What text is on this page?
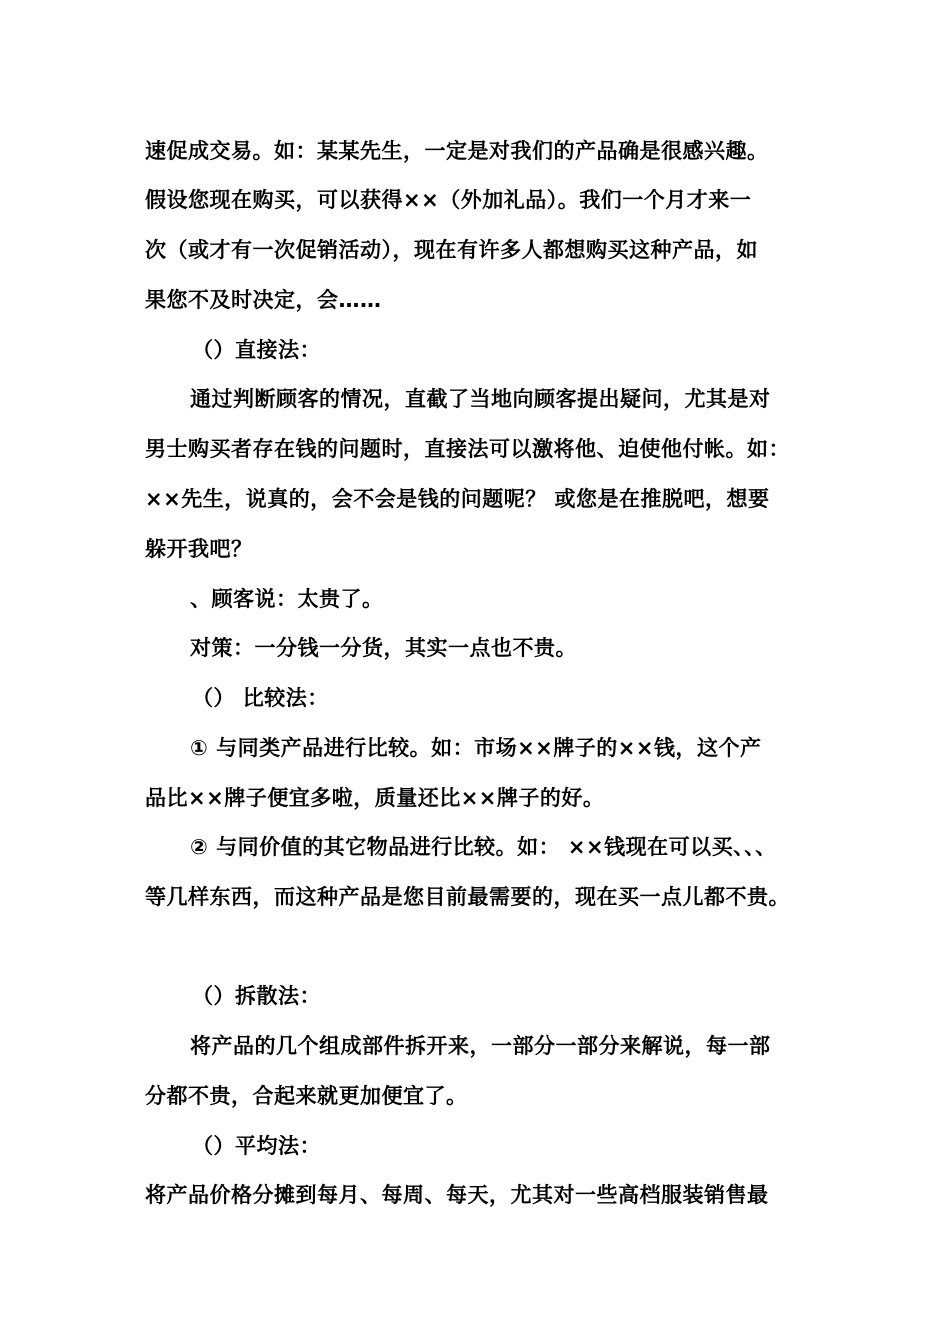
速促成交易。如：某某先生，一定是对我们的产品确是很感兴趣。
假设您现在购买，可以获得××（外加礼品）。我们一个月才来一
次（或才有一次促销活动），现在有许多人都想购买这种产品，如
果您不及时决定，会……
（）直接法：
通过判断顾客的情况，直截了当地向顾客提出疑问，尤其是对
男士购买者存在钱的问题时，直接法可以激将他、迫使他付帐。如：
××先生，说真的，会不会是钱的问题呢？ 或您是在推脱吧，想要
躲开我吧？
、顾客说：太贵了。
对策：一分钱一分货，其实一点也不贵。
（） 比较法：
① 与同类产品进行比较。如：市场××牌子的××钱，这个产
品比××牌子便宜多啦，质量还比××牌子的好。
② 与同价值的其它物品进行比较。如： ××钱现在可以买、、、
等几样东西，而这种产品是您目前最需要的，现在买一点儿都不贵。
（）拆散法：
将产品的几个组成部件拆开来，一部分一部分来解说，每一部
分都不贵，合起来就更加便宜了。
（）平均法：
将产品价格分摊到每月、每周、每天，尤其对一些高档服装销售最
